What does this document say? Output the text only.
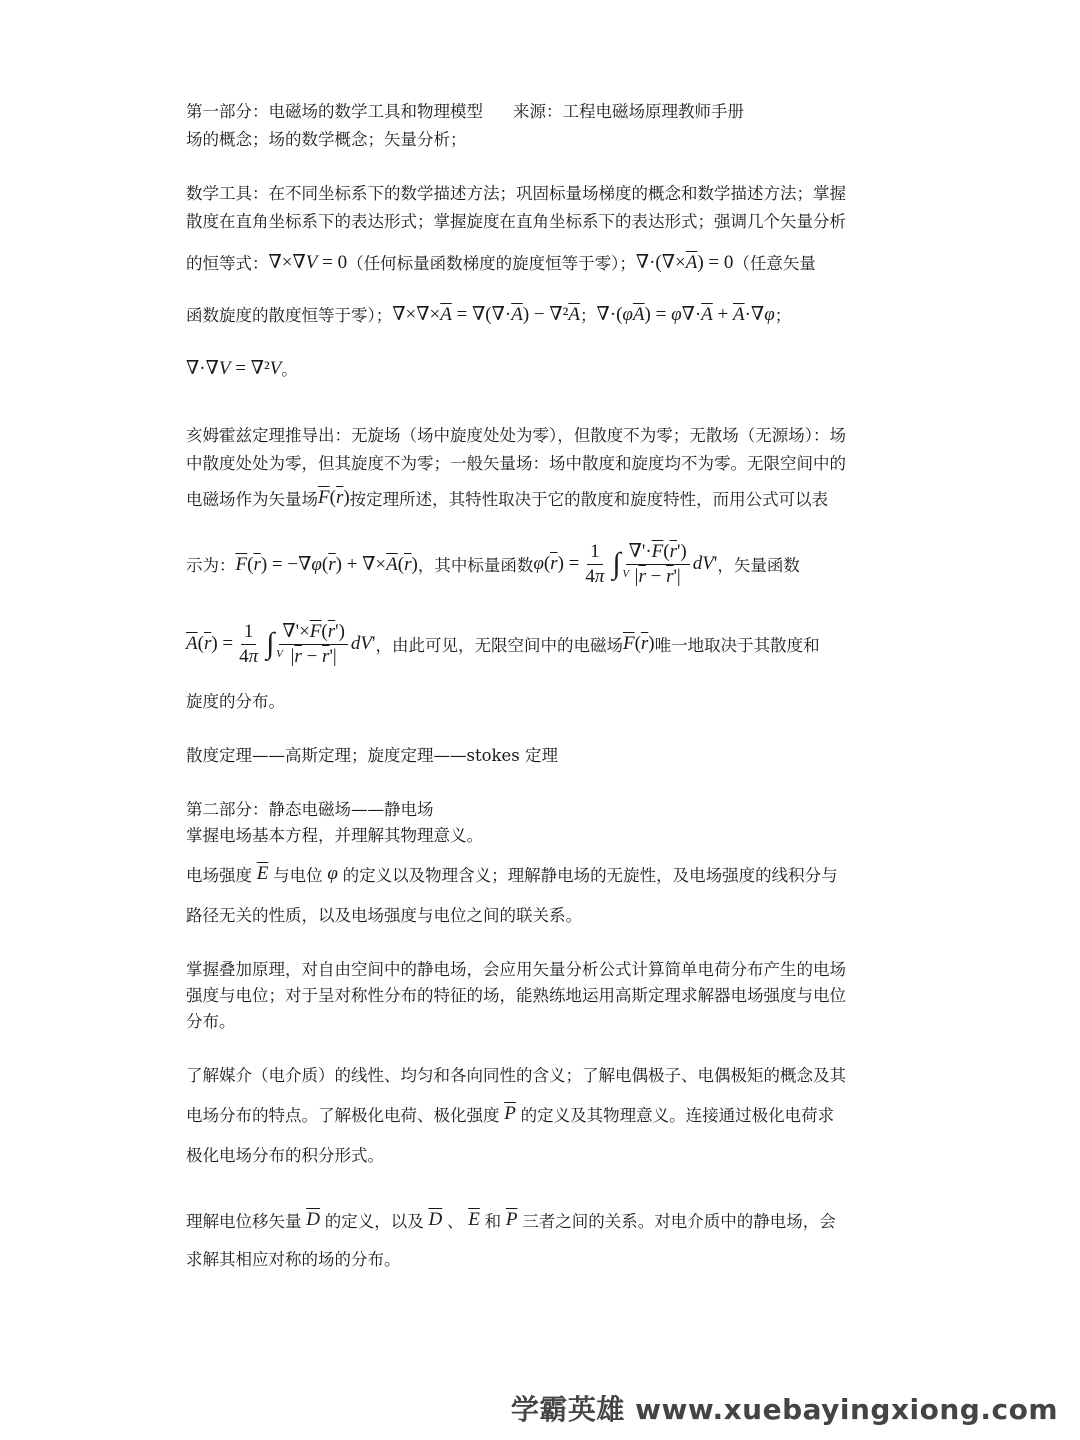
第一部分：电磁场的数学工具和物理模型 来源：工程电磁场原理教师手册
场的概念；场的数学概念；矢量分析；
数学工具：在不同坐标系下的数学描述方法；巩固标量场梯度的概念和数学描述方法；掌握
散度在直角坐标系下的表达形式；掌握旋度在直角坐标系下的表达形式；强调几个矢量分析
的恒等式： ∇×∇V = 0 （任何标量函数梯度的旋度恒等于零）； $\nabla\cdot(\nabla\times\overline{A}) = 0$ （任意矢量
函数旋度的散度恒等于零）； $\nabla\times\nabla\times\overline{A} = \nabla(\nabla\cdot\overline{A}) - \nabla^2\overline{A}$ ； $\nabla\cdot(\varphi\overline{A}) = \varphi\nabla\cdot\overline{A} + \overline{A}\cdot\nabla\varphi$ ；
∇·∇V = ∇²V 。
亥姆霍兹定理推导出：无旋场（场中旋度处处为零），但散度不为零；无散场（无源场）：场
中散度处处为零，但其旋度不为零；一般矢量场：场中散度和旋度均不为零。无限空间中的
电磁场作为矢量场 $\overline{F}(\overline{r})$ 按定理所述，其特性取决于它的散度和旋度特性，而用公式可以表
示为： $\overline{F}(\overline{r}) = -\nabla\varphi(\overline{r}) + \nabla\times\overline{A}(\overline{r})$ ，其中标量函数 φ ( $\overline{r}$ ) = $\frac{1}{4\pi}$ ∫ V
$\frac{\nabla'\cdot\overline{F}(\overline{r}')}{|\overline{r} - \overline{r}'|}$ dV ' ，矢量函数
$\overline{A}$ ( $\overline{r}$ ) = $\frac{1}{4\pi}$ ∫ V
$\frac{\nabla'\times\overline{F}(\overline{r}')}{|\overline{r} - \overline{r}'|}$ dV ' ，由此可见，无限空间中的电磁场 $\overline{F}(\overline{r})$ 唯一地取决于其散度和
旋度的分布。
散度定理——高斯定理；旋度定理——stokes 定理
第二部分：静态电磁场——静电场
掌握电场基本方程，并理解其物理意义。
电场强度 $\overline{E}$ 与电位 φ 的定义以及物理含义；理解静电场的无旋性，及电场强度的线积分与
路径无关的性质，以及电场强度与电位之间的联关系。
掌握叠加原理，对自由空间中的静电场，会应用矢量分析公式计算简单电荷分布产生的电场
强度与电位；对于呈对称性分布的特征的场，能熟练地运用高斯定理求解器电场强度与电位
分布。
了解媒介（电介质）的线性、均匀和各向同性的含义；了解电偶极子、电偶极矩的概念及其
电场分布的特点。了解极化电荷、极化强度 $\overline{P}$ 的定义及其物理意义。连接通过极化电荷求
极化电场分布的积分形式。
理解电位移矢量 $\overline{D}$ 的定义，以及 $\overline{D}$ 、 $\overline{E}$ 和 $\overline{P}$ 三者之间的关系。对电介质中的静电场，会
求解其相应对称的场的分布。
学霸英雄 www.xuebayingxiong.com
